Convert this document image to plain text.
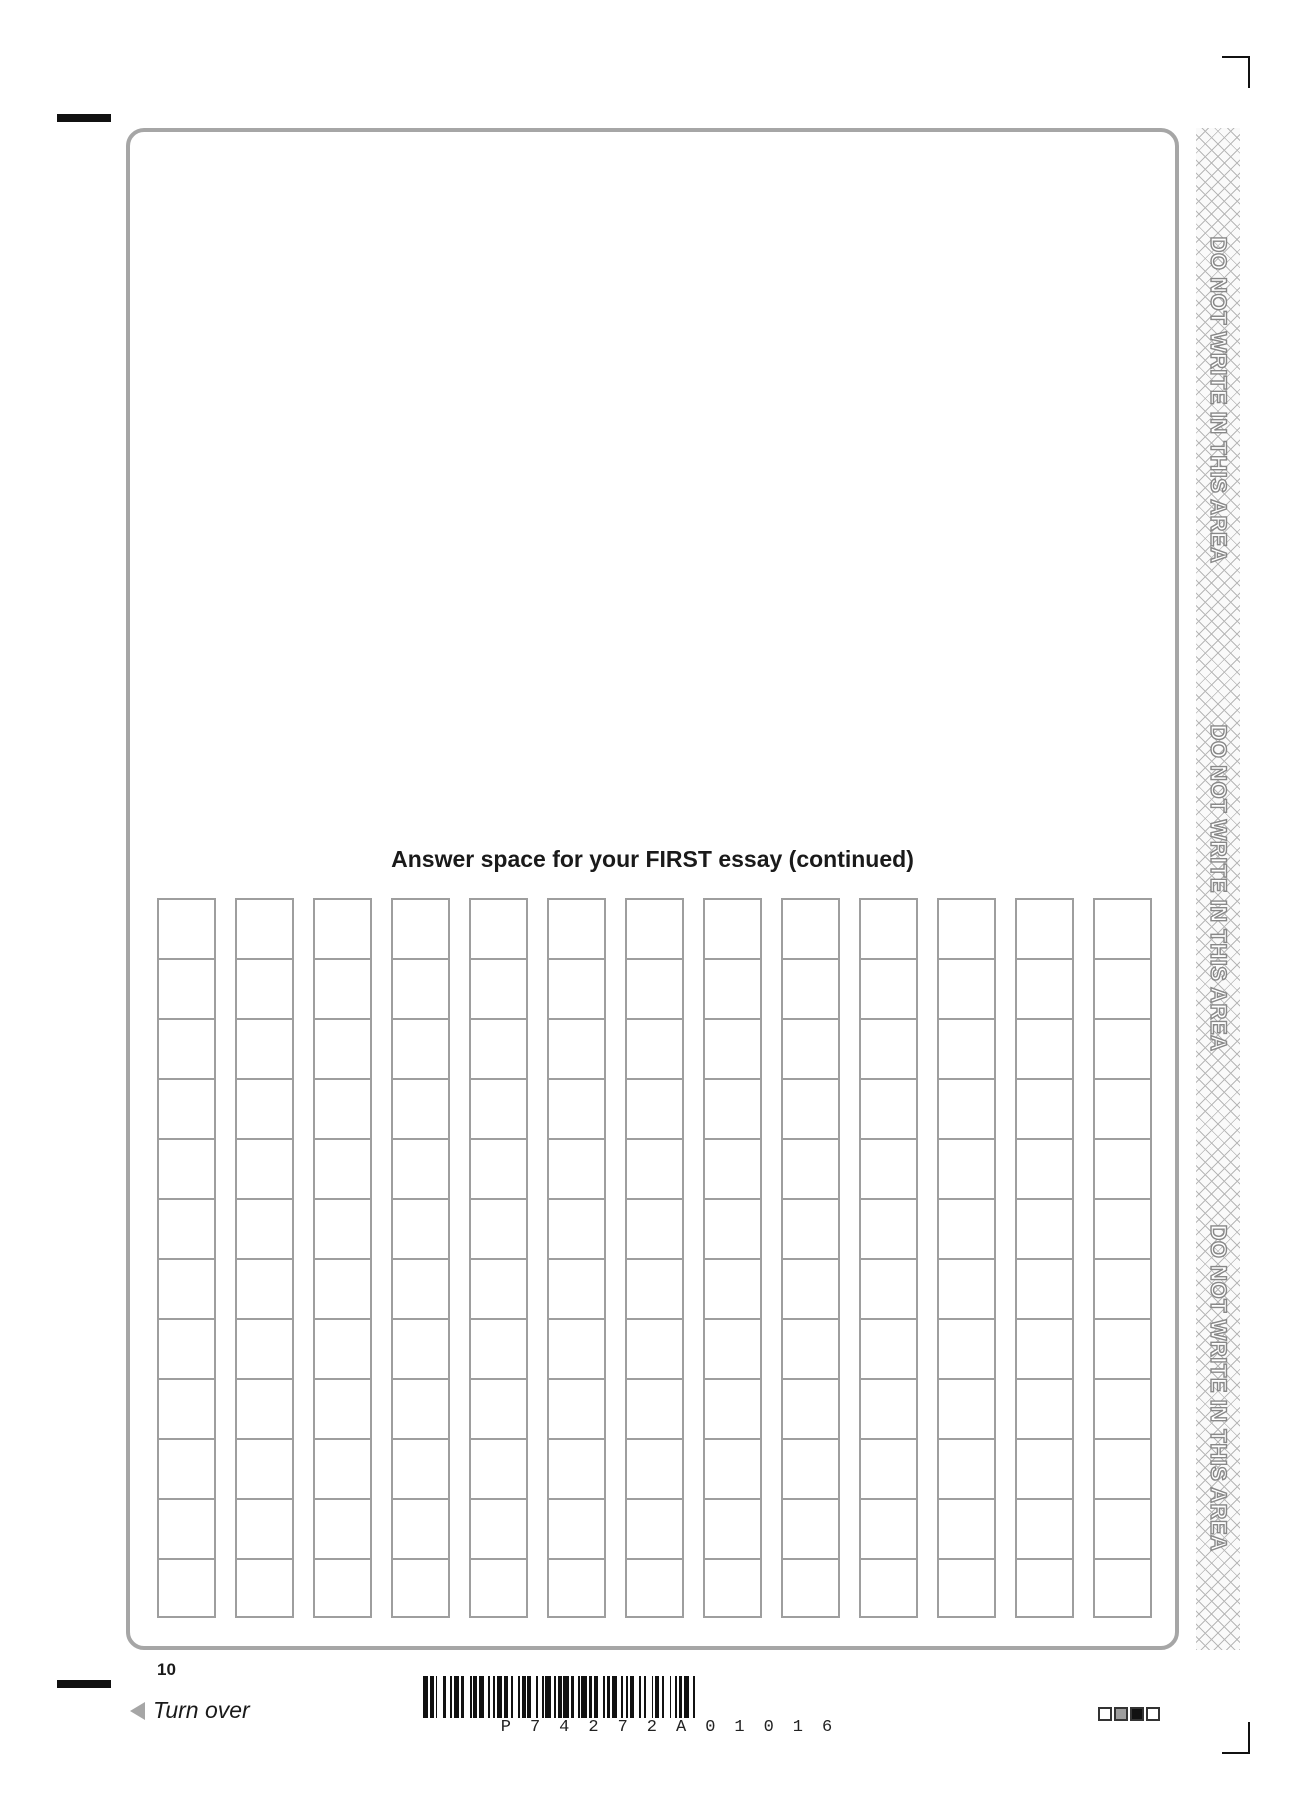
DO NOT WRITE IN THIS AREA
DO NOT WRITE IN THIS AREA
DO NOT WRITE IN THIS AREA
Answer space for your FIRST essay (continued)
10
Turn over
P74272A01016
